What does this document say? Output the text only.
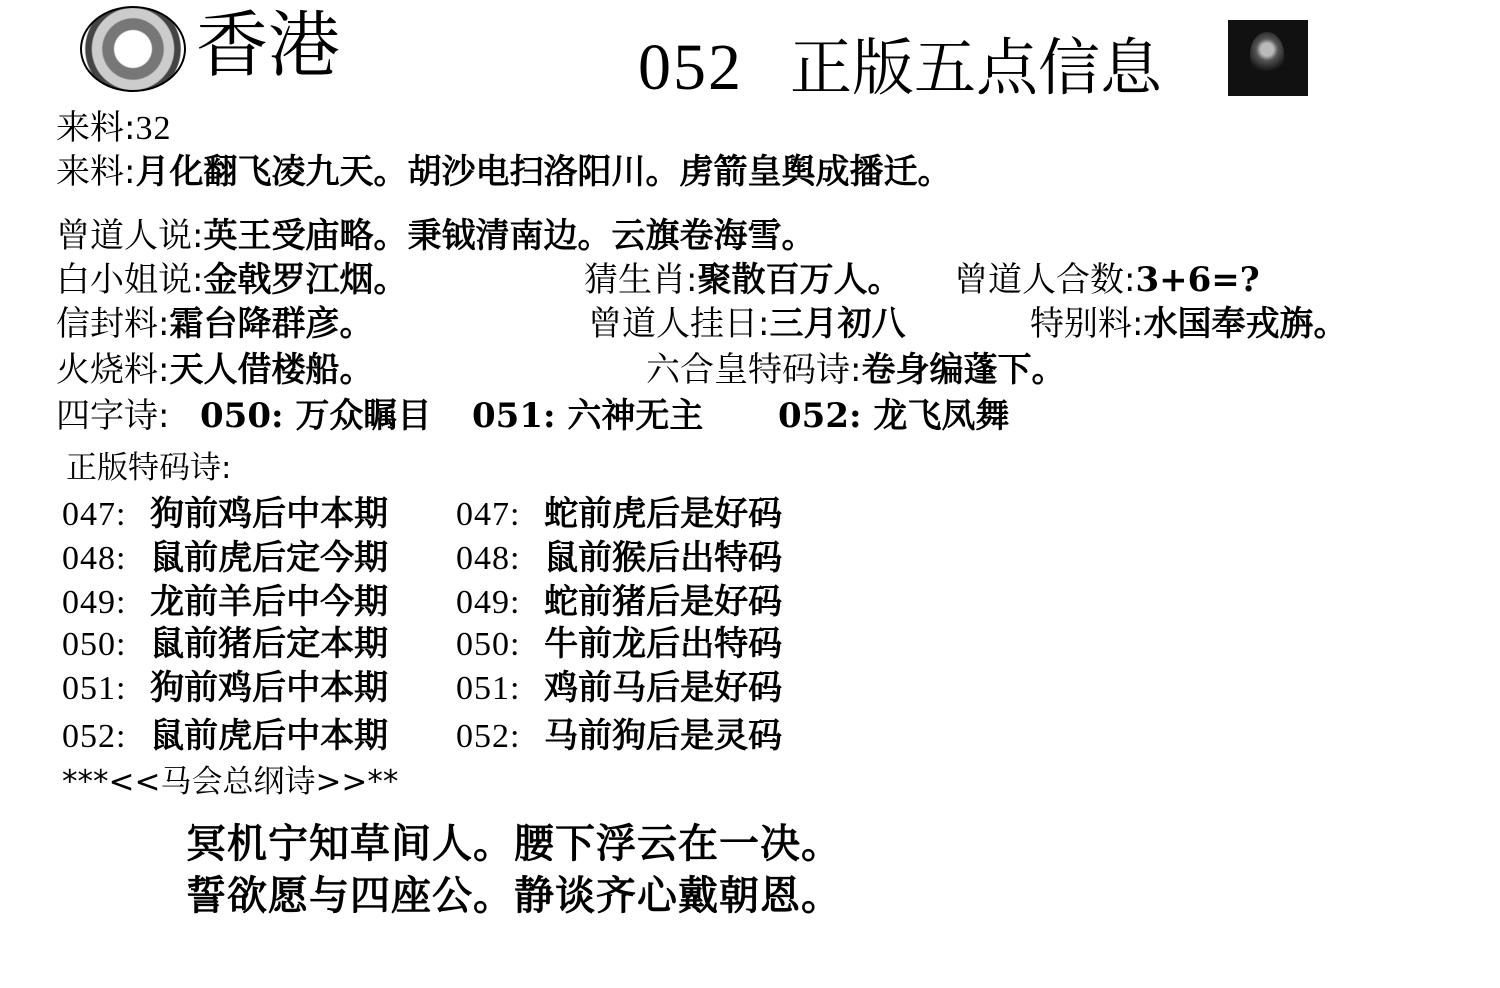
香港	052 正版五点信息
来料:32
来料:月化翻飞凌九天。胡沙电扫洛阳川。虏箭皇舆成播迁。
曾道人说:英王受庙略。秉钺清南边。云旗卷海雪。
白小姐说:金戟罗江烟。	猜生肖:聚散百万人。 曾道人合数:3+6=?
信封料:霜台降群彦。	曾道人挂日:三月初八	特别料:水国奉戎旃。
火烧料:天人借楼船。	六合皇特码诗:卷身编蓬下。
四字诗: 050: 万众瞩目 051: 六神无主 052: 龙飞凤舞
正版特码诗:
047: 狗前鸡后中本期 047: 蛇前虎后是好码
048: 鼠前虎后定今期 048: 鼠前猴后出特码
049: 龙前羊后中今期 049: 蛇前猪后是好码
050: 鼠前猪后定本期 050: 牛前龙后出特码
051: 狗前鸡后中本期 051: 鸡前马后是好码
052: 鼠前虎后中本期 052: 马前狗后是灵码
***<<马会总纲诗>>**
冥机宁知草间人。腰下浮云在一决。
誓欲愿与四座公。静谈齐心戴朝恩。
